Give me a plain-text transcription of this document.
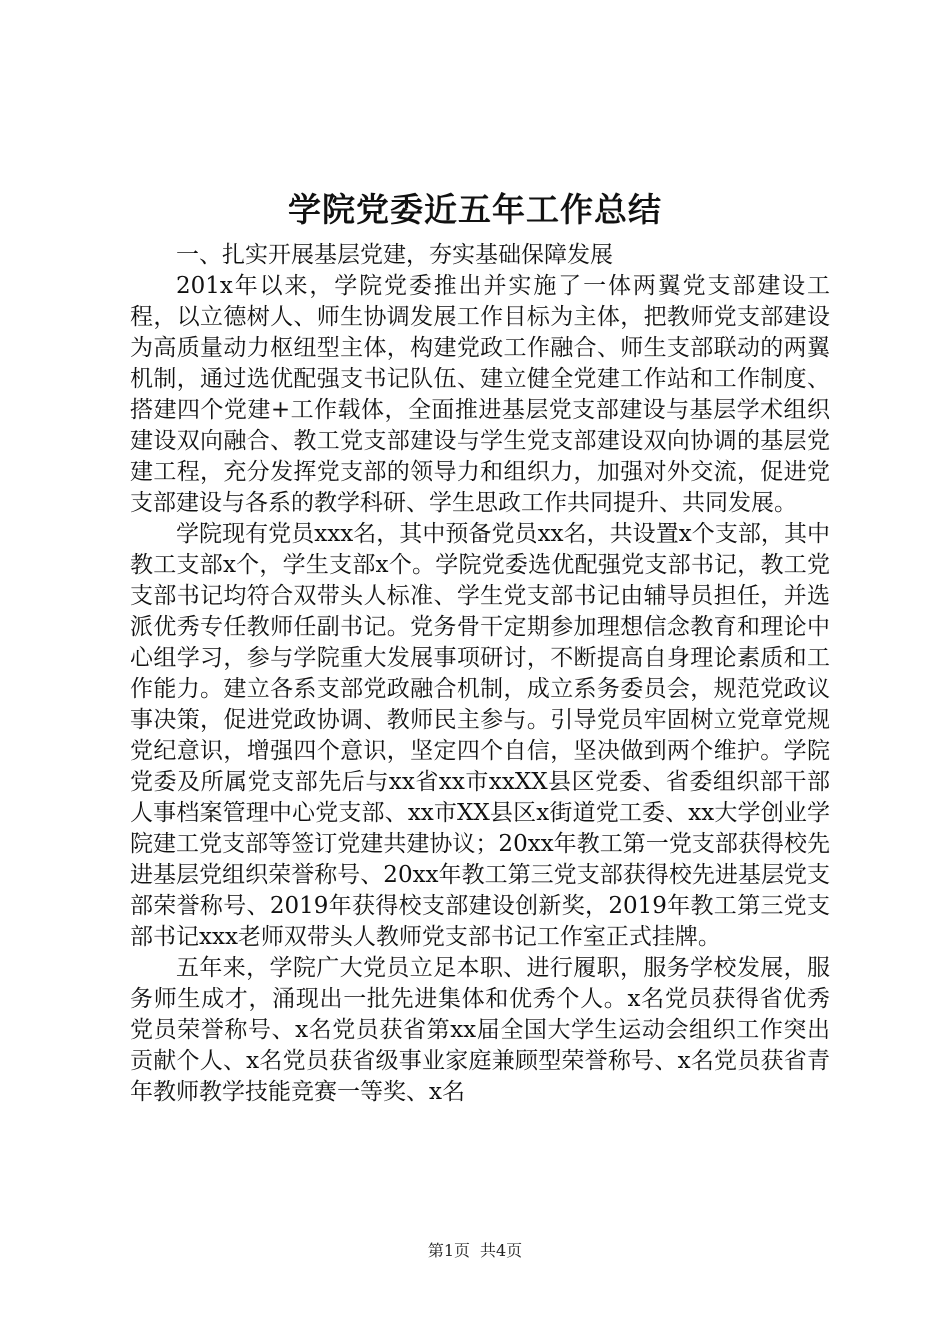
学院党委近五年工作总结

一、扎实开展基层党建，夯实基础保障发展

201x年以来，学院党委推出并实施了一体两翼党支部建设工程，以立德树人、师生协调发展工作目标为主体，把教师党支部建设为高质量动力枢纽型主体，构建党政工作融合、师生支部联动的两翼机制，通过选优配强支书记队伍、建立健全党建工作站和工作制度、搭建四个党建+工作载体，全面推进基层党支部建设与基层学术组织建设双向融合、教工党支部建设与学生党支部建设双向协调的基层党建工程，充分发挥党支部的领导力和组织力，加强对外交流，促进党支部建设与各系的教学科研、学生思政工作共同提升、共同发展。

学院现有党员xxx名，其中预备党员xx名，共设置x个支部，其中教工支部x个，学生支部x个。学院党委选优配强党支部书记，教工党支部书记均符合双带头人标准、学生党支部书记由辅导员担任，并选派优秀专任教师任副书记。党务骨干定期参加理想信念教育和理论中心组学习，参与学院重大发展事项研讨，不断提高自身理论素质和工作能力。建立各系支部党政融合机制，成立系务委员会，规范党政议事决策，促进党政协调、教师民主参与。引导党员牢固树立党章党规党纪意识，增强四个意识，坚定四个自信，坚决做到两个维护。学院党委及所属党支部先后与xx省xx市xxXX县区党委、省委组织部干部人事档案管理中心党支部、xx市XX县区x街道党工委、xx大学创业学院建工党支部等签订党建共建协议；20xx年教工第一党支部获得校先进基层党组织荣誉称号、20xx年教工第三党支部获得校先进基层党支部荣誉称号、2019年获得校支部建设创新奖，2019年教工第三党支部书记xxx老师双带头人教师党支部书记工作室正式挂牌。

五年来，学院广大党员立足本职、进行履职，服务学校发展，服务师生成才，涌现出一批先进集体和优秀个人。x名党员获得省优秀党员荣誉称号、x名党员获省第xx届全国大学生运动会组织工作突出贡献个人、x名党员获省级事业家庭兼顾型荣誉称号、x名党员获省青年教师教学技能竞赛一等奖、x名

第1页 共4页
